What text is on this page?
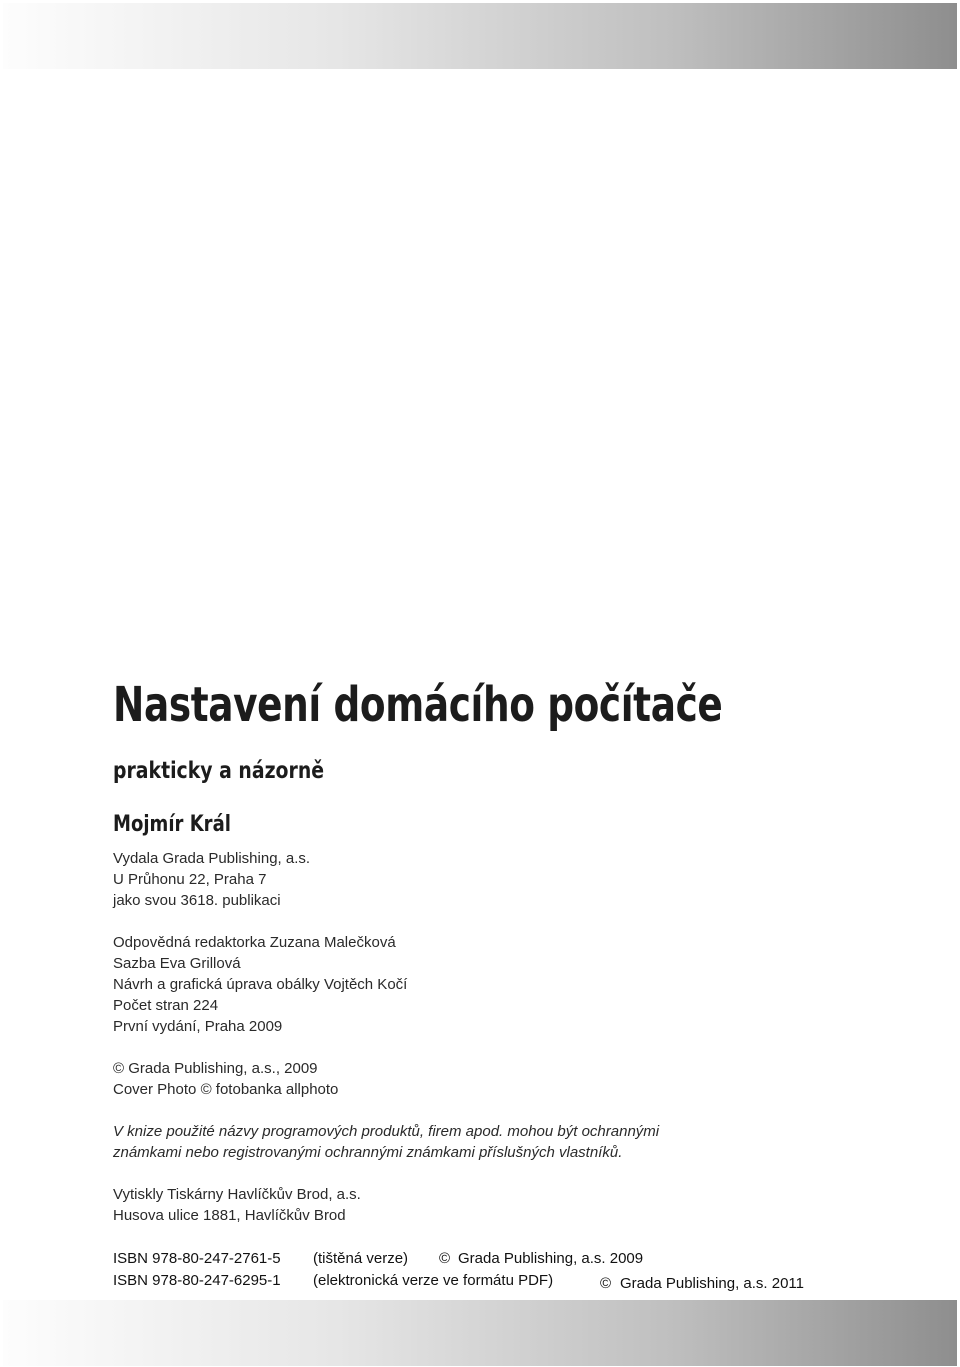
Nastavení domácího počítače
prakticky a názorně
Mojmír Král
Vydala Grada Publishing, a.s.
U Průhonu 22, Praha 7
jako svou 3618. publikaci
Odpovědná redaktorka Zuzana Malečková
Sazba Eva Grillová
Návrh a grafická úprava obálky Vojtěch Kočí
Počet stran 224
První vydání, Praha 2009
© Grada Publishing, a.s., 2009
Cover Photo © fotobanka allphoto
V knize použité názvy programových produktů, firem apod. mohou být ochrannými
známkami nebo registrovanými ochrannými známkami příslušných vlastníků.
Vytiskly Tiskárny Havlíčkův Brod, a.s.
Husova ulice 1881, Havlíčkův Brod
ISBN 978-80-247-2761-5 (tištěná verze) © Grada Publishing, a.s. 2009
ISBN 978-80-247-6295-1 (elektronická verze ve formátu PDF)	© Grada Publishing, a.s. 2011
